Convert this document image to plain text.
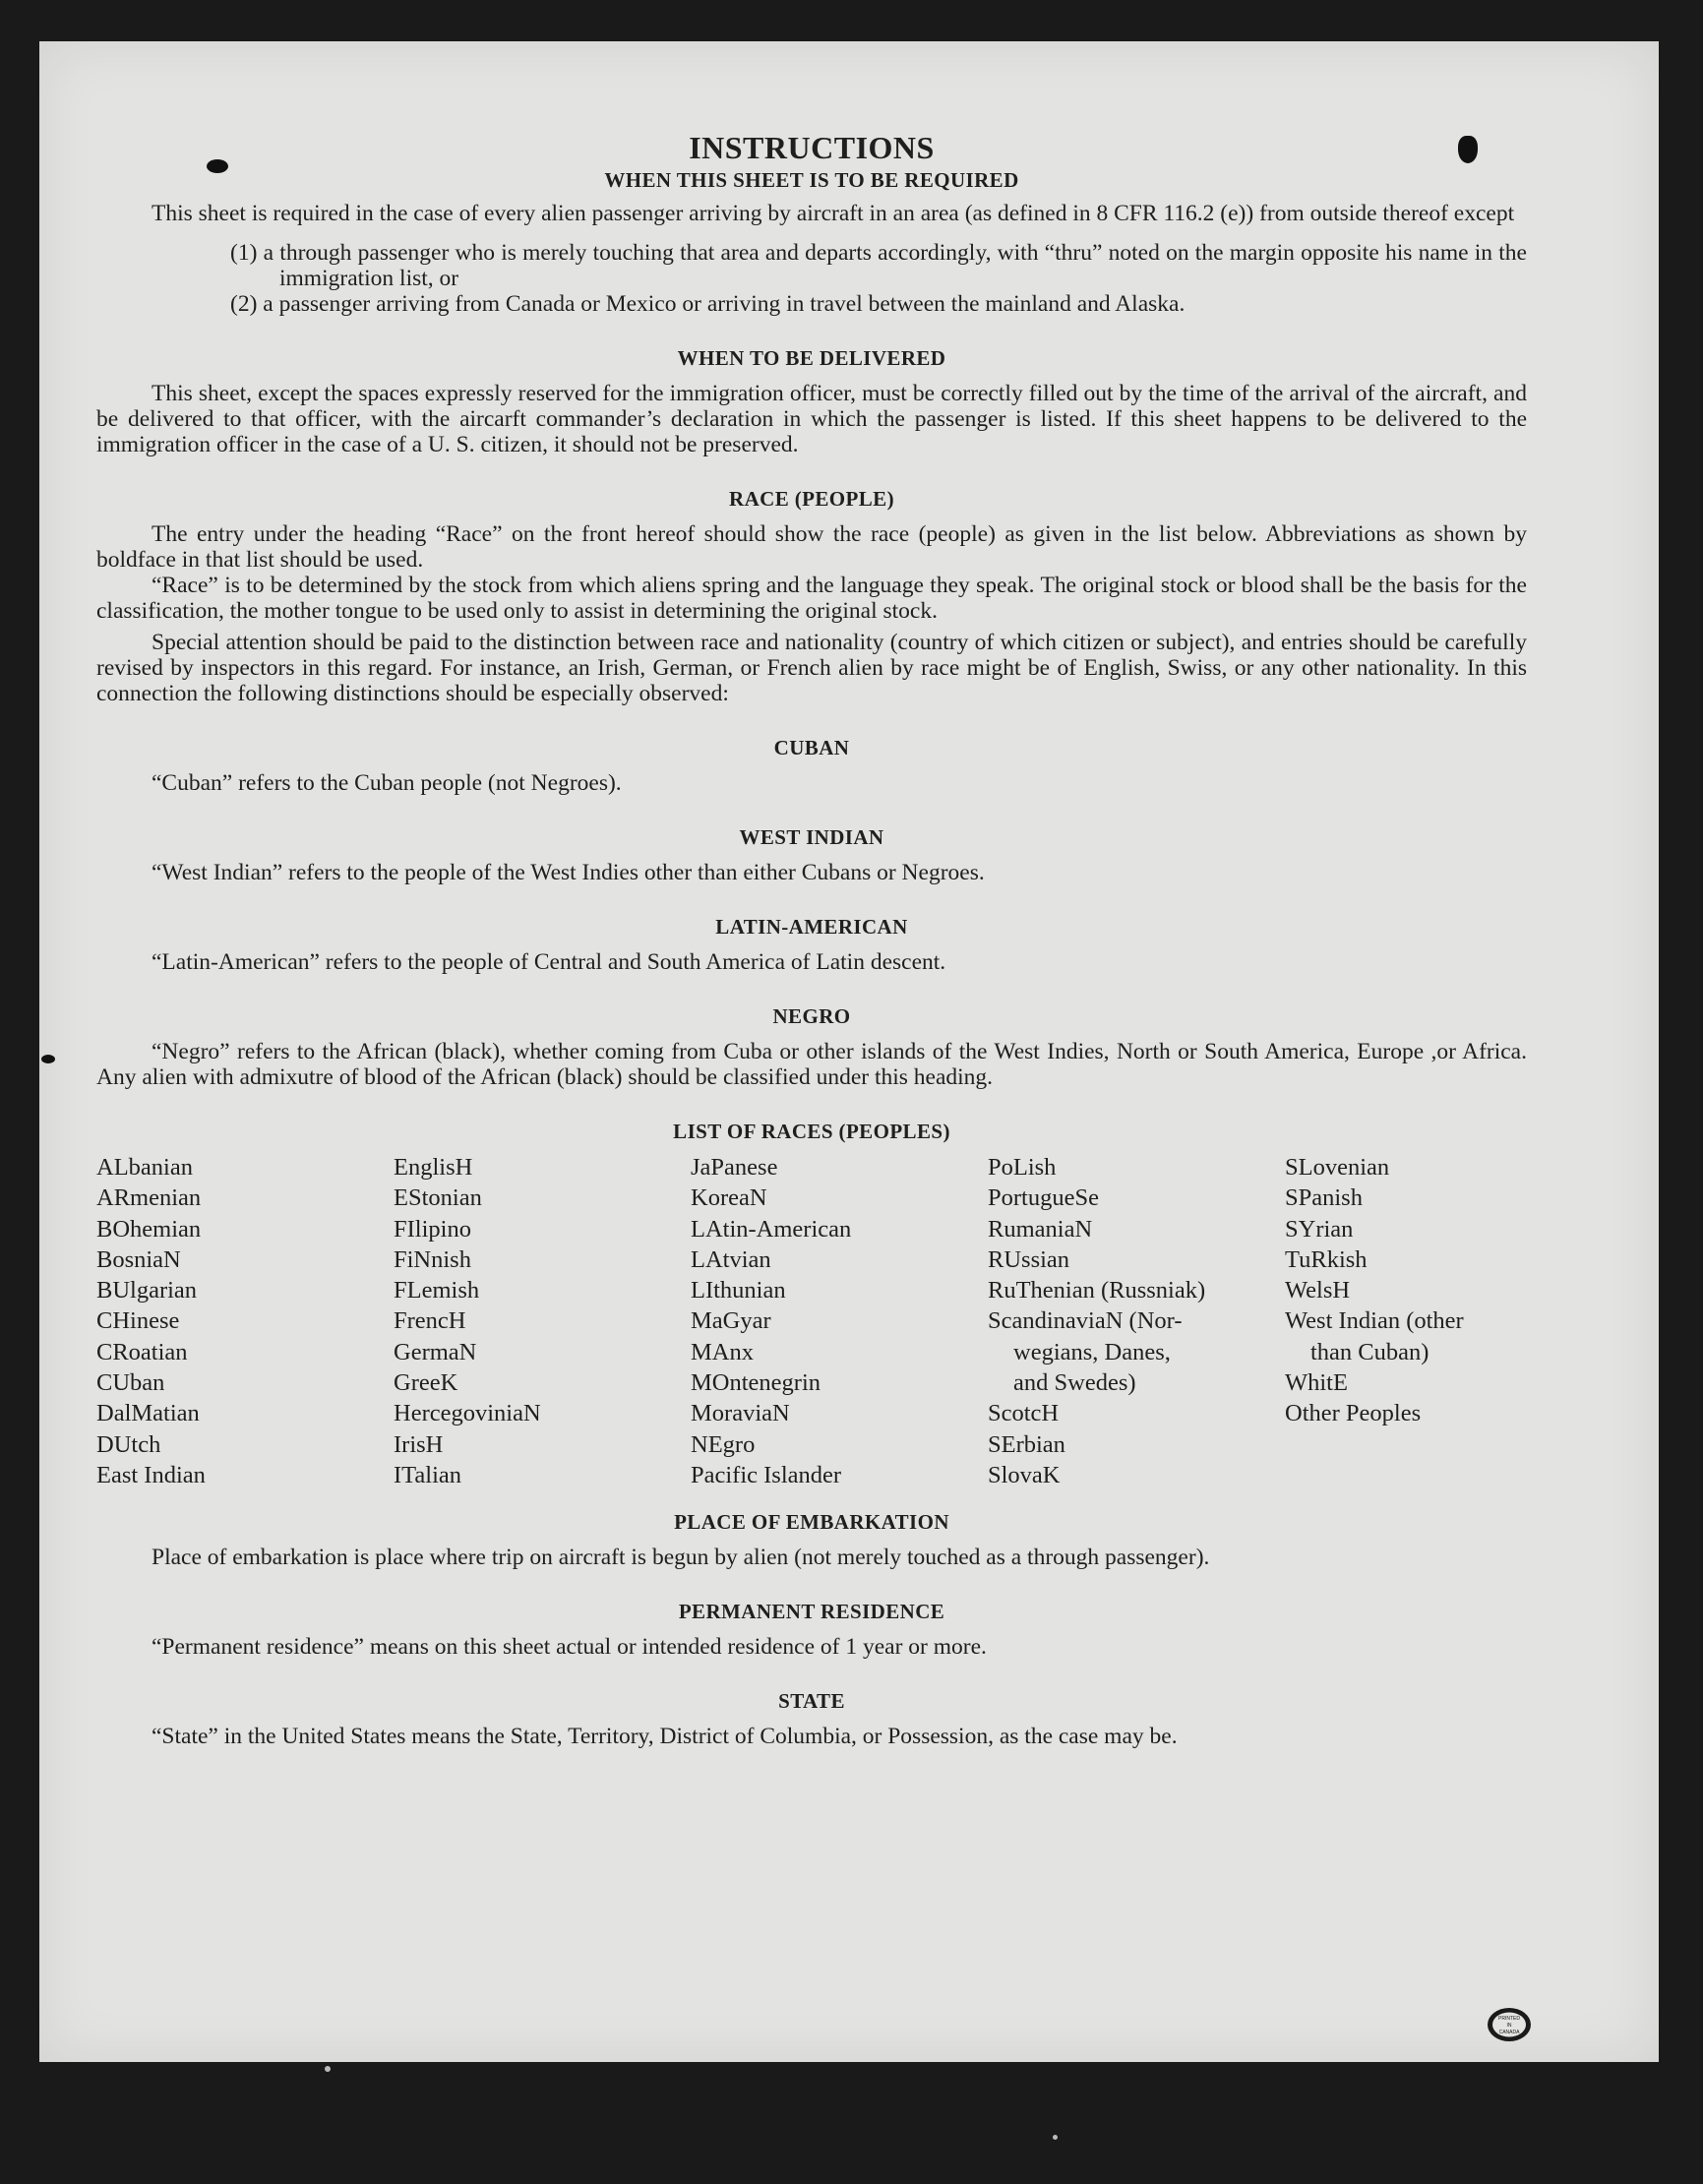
INSTRUCTIONS
WHEN THIS SHEET IS TO BE REQUIRED

This sheet is required in the case of every alien passenger arriving by aircraft in an area (as defined in 8 CFR 116.2 (e)) from outside thereof except

(1) a through passenger who is merely touching that area and departs accordingly, with “thru” noted on the margin opposite his name in the immigration list, or

(2) a passenger arriving from Canada or Mexico or arriving in travel between the mainland and Alaska.

WHEN TO BE DELIVERED

This sheet, except the spaces expressly reserved for the immigration officer, must be correctly filled out by the time of the arrival of the aircraft, and be delivered to that officer, with the aircarft commander’s declaration in which the passenger is listed. If this sheet happens to be delivered to the immigration officer in the case of a U. S. citizen, it should not be preserved.

RACE (PEOPLE)

The entry under the heading “Race” on the front hereof should show the race (people) as given in the list below. Abbreviations as shown by boldface in that list should be used.

“Race” is to be determined by the stock from which aliens spring and the language they speak. The original stock or blood shall be the basis for the classification, the mother tongue to be used only to assist in determining the original stock.

Special attention should be paid to the distinction between race and nationality (country of which citizen or subject), and entries should be carefully revised by inspectors in this regard. For instance, an Irish, German, or French alien by race might be of English, Swiss, or any other nationality. In this connection the following distinctions should be especially observed:

CUBAN

“Cuban” refers to the Cuban people (not Negroes).

WEST INDIAN

“West Indian” refers to the people of the West Indies other than either Cubans or Negroes.

LATIN-AMERICAN

“Latin-American” refers to the people of Central and South America of Latin descent.

NEGRO

“Negro” refers to the African (black), whether coming from Cuba or other islands of the West Indies, North or South America, Europe ,or Africa. Any alien with admixutre of blood of the African (black) should be classified under this heading.

LIST OF RACES (PEOPLES)
ALbanian
ARmenian
BOhemian
BosniaN
BUlgarian
CHinese
CRoatian
CUban
DalMatian
DUtch
East Indian
EnglisH
EStonian
FIlipino
FiNnish
FLemish
FrencH
GermaN
GreeK
HercegoviniaN
IrisH
ITalian
JaPanese
KoreaN
LAtin-American
LAtvian
LIthunian
MaGyar
MAnx
MOntenegrin
MoraviaN
NEgro
Pacific Islander
PoLish
PortugueSe
RumaniaN
RUssian
RuThenian (Russniak)
ScandinaviaN (Nor-
wegians, Danes,
and Swedes)
ScotcH
SErbian
SlovaK
SLovenian
SPanish
SYrian
TuRkish
WelsH
West Indian (other
than Cuban)
WhitE
Other Peoples
PLACE OF EMBARKATION

Place of embarkation is place where trip on aircraft is begun by alien (not merely touched as a through passenger).

PERMANENT RESIDENCE

“Permanent residence” means on this sheet actual or intended residence of 1 year or more.

STATE

“State” in the United States means the State, Territory, District of Columbia, or Possession, as the case may be.

PRINTED
IN
CANADA
